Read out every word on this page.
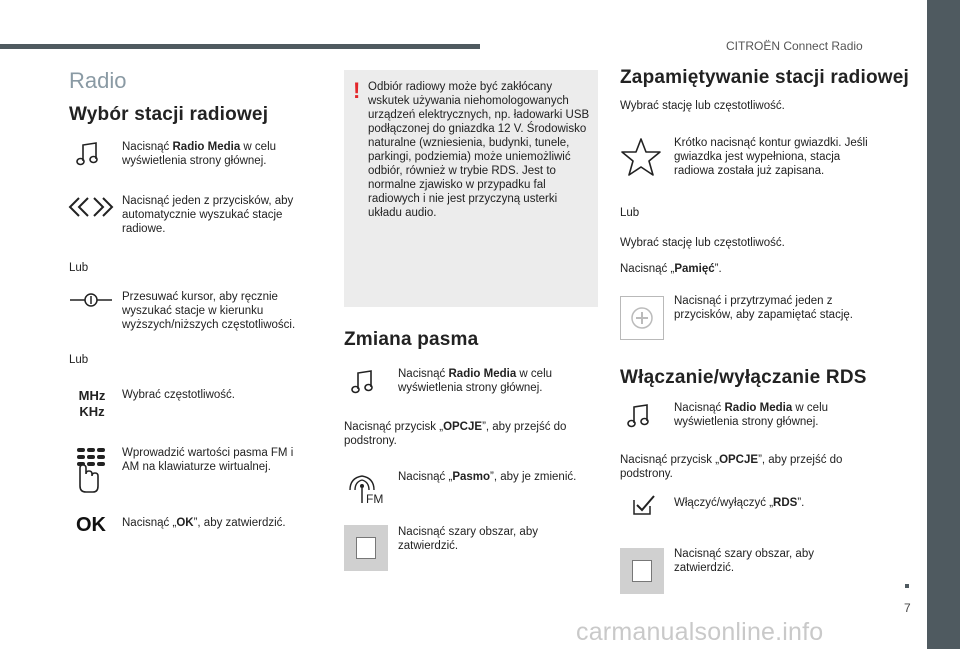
CITROËN Connect Radio
7
carmanualsonline.info
Radio
Wybór stacji radiowej
Nacisnąć Radio Media w celu wyświetlenia strony głównej.
Nacisnąć jeden z przycisków, aby automatycznie wyszukać stacje radiowe.
Lub
Przesuwać kursor, aby ręcznie wyszukać stacje w kierunku wyższych/niższych częstotliwości.
Lub
MHz
KHz
Wybrać częstotliwość.
Wprowadzić wartości pasma FM i AM na klawiaturze wirtualnej.
OK Nacisnąć „OK”, aby zatwierdzić.
! Odbiór radiowy może być zakłócany wskutek używania niehomologowanych urządzeń elektrycznych, np. ładowarki USB podłączonej do gniazdka 12 V. Środowisko naturalne (wzniesienia, budynki, tunele, parkingi, podziemia) może uniemożliwić odbiór, również w trybie RDS. Jest to normalne zjawisko w przypadku fal radiowych i nie jest przyczyną usterki układu audio.
Zmiana pasma
Nacisnąć Radio Media w celu wyświetlenia strony głównej.
Nacisnąć przycisk „OPCJE”, aby przejść do podstrony.
FM
Nacisnąć „Pasmo”, aby je zmienić.
Nacisnąć szary obszar, aby zatwierdzić.
Zapamiętywanie stacji radiowej
Wybrać stację lub częstotliwość.
Krótko nacisnąć kontur gwiazdki. Jeśli gwiazdka jest wypełniona, stacja radiowa została już zapisana.
Lub
Wybrać stację lub częstotliwość.
Nacisnąć „Pamięć”.
Nacisnąć i przytrzymać jeden z przycisków, aby zapamiętać stację.
Włączanie/wyłączanie RDS
Nacisnąć Radio Media w celu wyświetlenia strony głównej.
Nacisnąć przycisk „OPCJE”, aby przejść do podstrony.
Włączyć/wyłączyć „RDS”.
Nacisnąć szary obszar, aby zatwierdzić.
